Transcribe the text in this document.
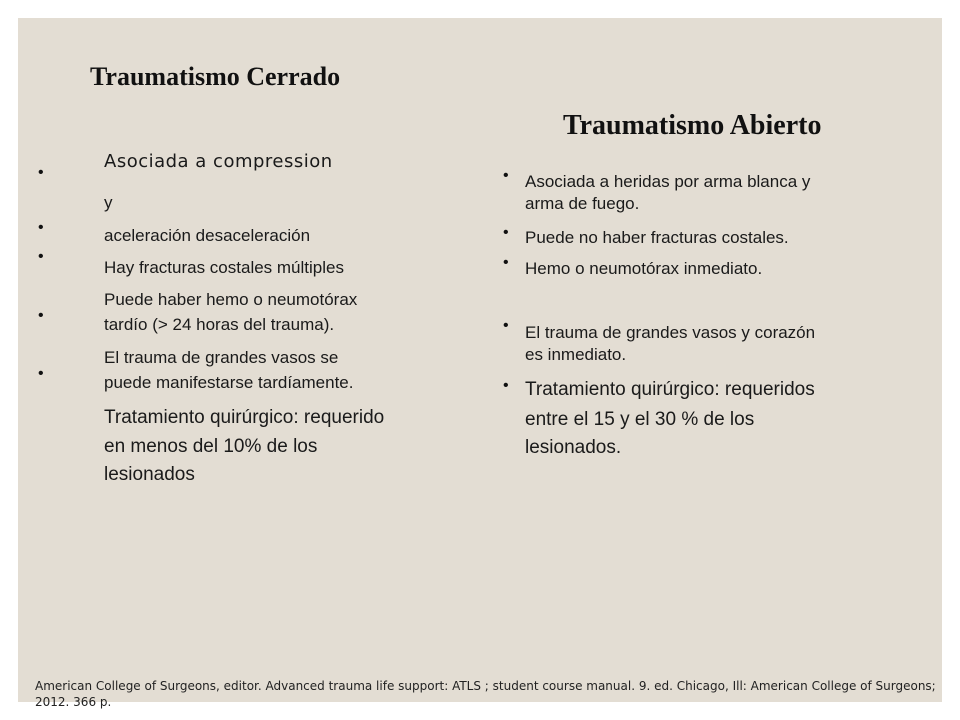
Traumatismo Cerrado
•
•
•
•
•
Asociada a compression
y
aceleración desaceleración
Hay fracturas costales múltiples
Puede haber hemo o neumotórax
tardío (> 24 horas del trauma).
El trauma de grandes vasos se
puede manifestarse tardíamente.
Tratamiento quirúrgico: requerido
en menos del 10% de los
lesionados
Traumatismo Abierto
•
•
•
•
•
Asociada a heridas por arma blanca y
arma de fuego.
Puede no haber fracturas costales.
Hemo o neumotórax inmediato.
El trauma de grandes vasos y corazón
es inmediato.
Tratamiento quirúrgico: requeridos
entre el 15 y el 30 % de los
lesionados.
American College of Surgeons, editor. Advanced trauma life support: ATLS ; student course manual. 9. ed. Chicago, Ill: American College of Surgeons; 2012. 366 p.
